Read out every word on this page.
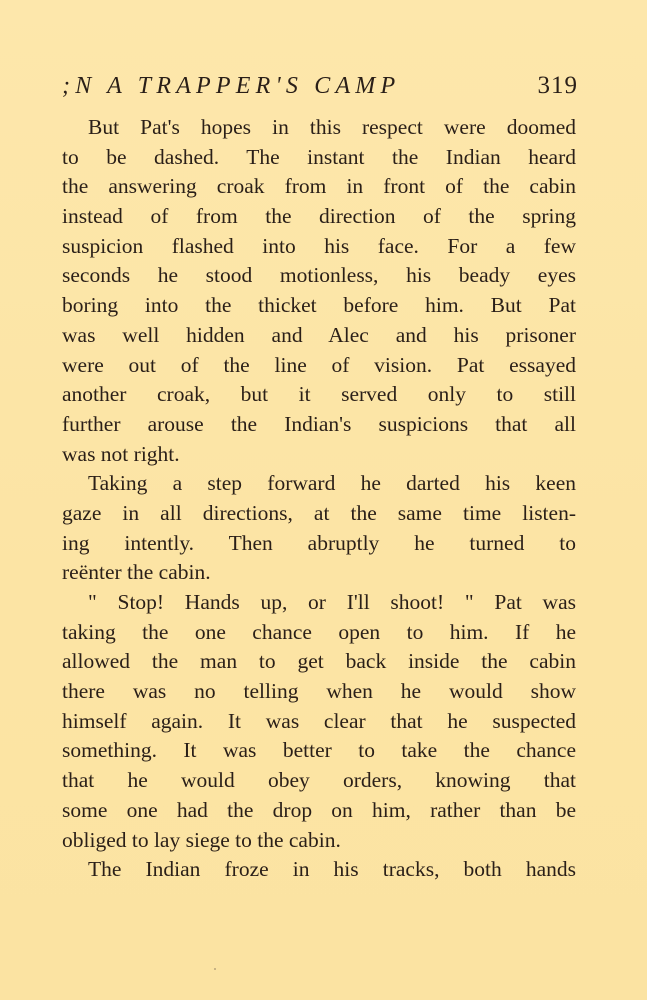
;N A TRAPPER'S CAMP	319
But Pat's hopes in this respect were doomed
to be dashed. The instant the Indian heard
the answering croak from in front of the cabin
instead of from the direction of the spring
suspicion flashed into his face. For a few
seconds he stood motionless, his beady eyes
boring into the thicket before him. But Pat
was well hidden and Alec and his prisoner
were out of the line of vision. Pat essayed
another croak, but it served only to still
further arouse the Indian's suspicions that all
was not right.
Taking a step forward he darted his keen
gaze in all directions, at the same time listen-
ing intently. Then abruptly he turned to
reënter the cabin.
" Stop! Hands up, or I'll shoot! " Pat was
taking the one chance open to him. If he
allowed the man to get back inside the cabin
there was no telling when he would show
himself again. It was clear that he suspected
something. It was better to take the chance
that he would obey orders, knowing that
some one had the drop on him, rather than be
obliged to lay siege to the cabin.
The Indian froze in his tracks, both hands
